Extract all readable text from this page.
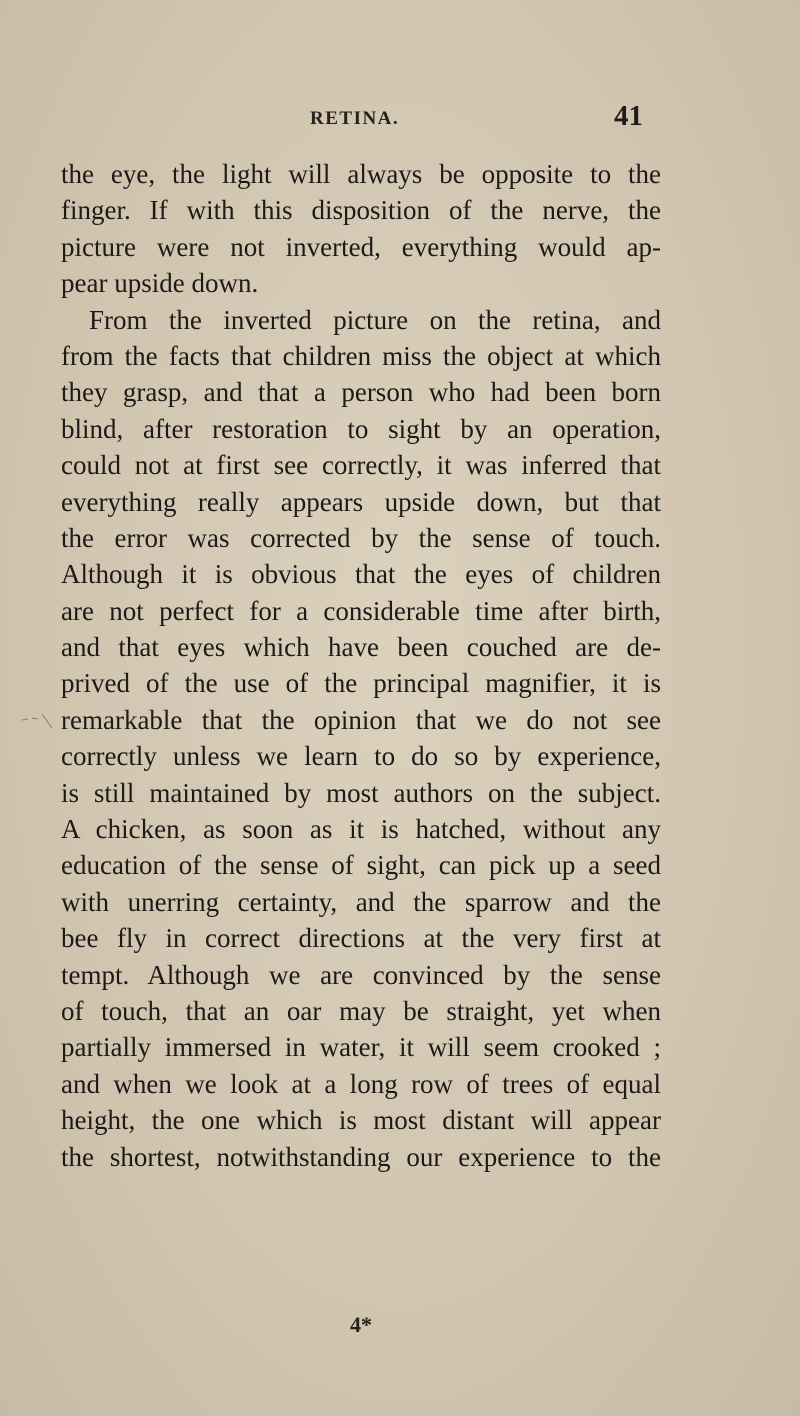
RETINA.	41
the eye, the light will always be opposite to the
finger. If with this disposition of the nerve, the
picture were not inverted, everything would ap-
pear upside down.
From the inverted picture on the retina, and
from the facts that children miss the object at which
they grasp, and that a person who had been born
blind, after restoration to sight by an operation,
could not at first see correctly, it was inferred that
everything really appears upside down, but that
the error was corrected by the sense of touch.
Although it is obvious that the eyes of children
are not perfect for a considerable time after birth,
and that eyes which have been couched are de-
prived of the use of the principal magnifier, it is
remarkable that the opinion that we do not see
correctly unless we learn to do so by experience,
is still maintained by most authors on the subject.
A chicken, as soon as it is hatched, without any
education of the sense of sight, can pick up a seed
with unerring certainty, and the sparrow and the
bee fly in correct directions at the very first at
tempt. Although we are convinced by the sense
of touch, that an oar may be straight, yet when
partially immersed in water, it will seem crooked ;
and when we look at a long row of trees of equal
height, the one which is most distant will appear
the shortest, notwithstanding our experience to the
4*
